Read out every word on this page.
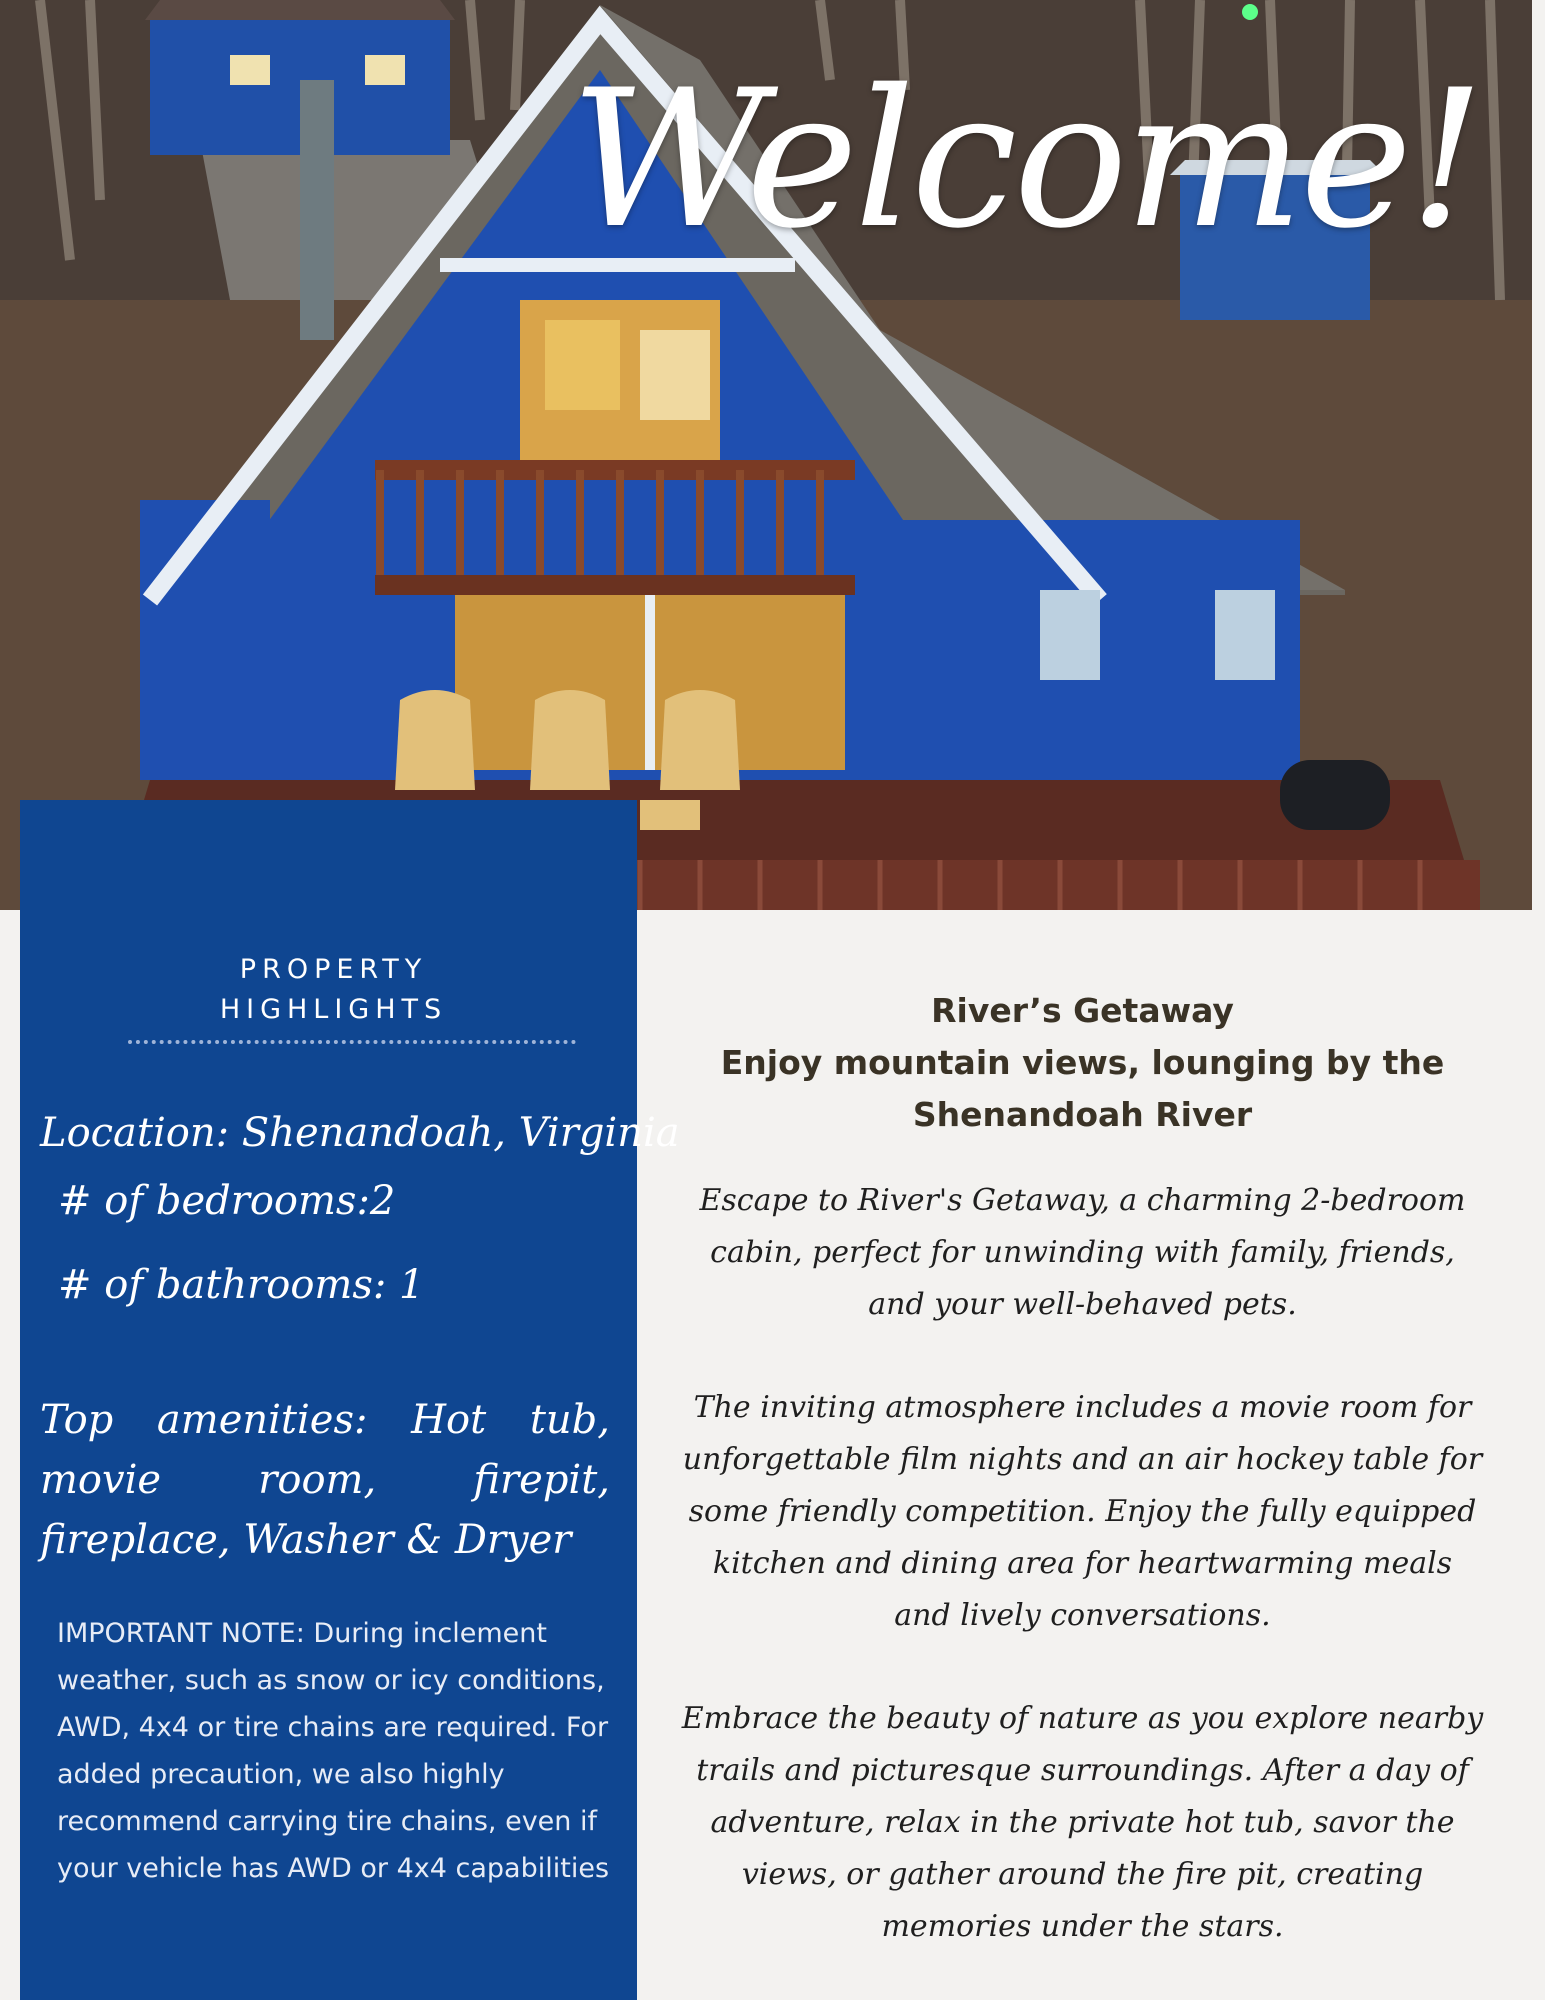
Welcome!
PROPERTY
HIGHLIGHTS
Location: Shenandoah, Virginia
# of bedrooms:2
# of bathrooms: 1
Top amenities: Hot tub, movie room, firepit, fireplace, Washer & Dryer
IMPORTANT NOTE: During inclement weather, such as snow or icy conditions, AWD, 4x4 or tire chains are required. For added precaution, we also highly recommend carrying tire chains, even if your vehicle has AWD or 4x4 capabilities
River’s Getaway
Enjoy mountain views, lounging by the
Shenandoah River
Escape to River's Getaway, a charming 2-bedroom cabin, perfect for unwinding with family, friends, and your well-behaved pets.
The inviting atmosphere includes a movie room for unforgettable film nights and an air hockey table for some friendly competition. Enjoy the fully equipped kitchen and dining area for heartwarming meals and lively conversations.
Embrace the beauty of nature as you explore nearby trails and picturesque surroundings. After a day of adventure, relax in the private hot tub, savor the views, or gather around the fire pit, creating memories under the stars.
